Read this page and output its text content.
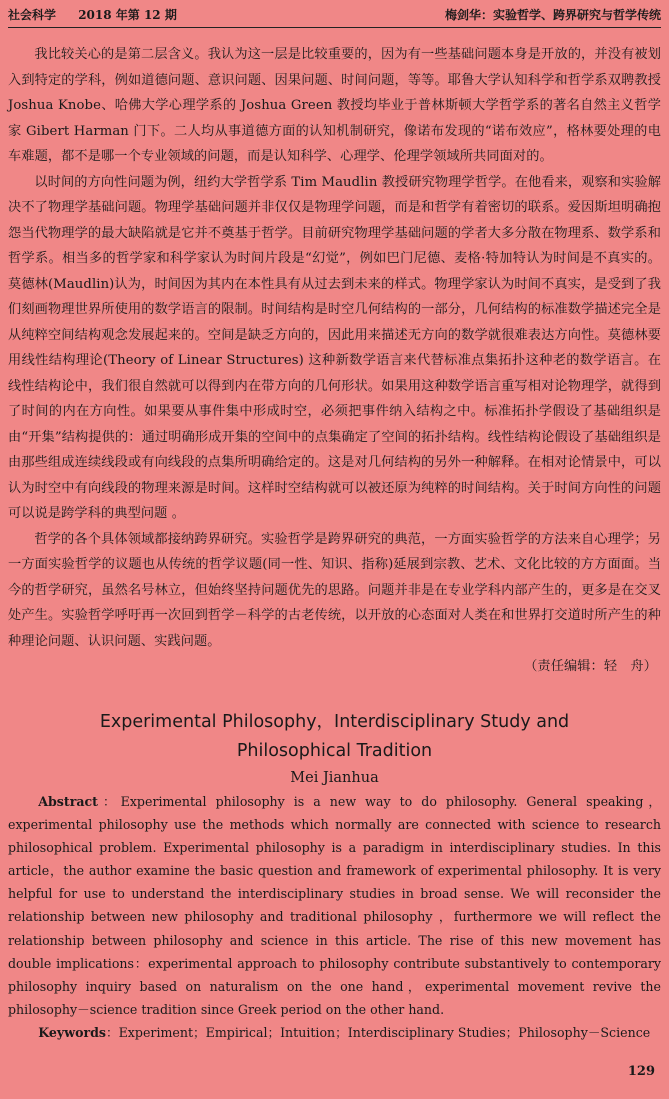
社会科学 2018 年第 12 期	梅剑华：实验哲学、跨界研究与哲学传统

我比较关心的是第二层含义。我认为这一层是比较重要的，因为有一些基础问题本身是开放的，并没有被划入到特定的学科，例如道德问题、意识问题、因果问题、时间问题，等等。耶鲁大学认知科学和哲学系双聘教授 Joshua Knobe、哈佛大学心理学系的 Joshua Green 教授均毕业于普林斯顿大学哲学系的著名自然主义哲学家 Gibert Harman 门下。二人均从事道德方面的认知机制研究，像诺布发现的“诺布效应”，格林要处理的电车难题，都不是哪一个专业领域的问题，而是认知科学、心理学、伦理学领域所共同面对的。

以时间的方向性问题为例，纽约大学哲学系 Tim Maudlin 教授研究物理学哲学。在他看来，观察和实验解决不了物理学基础问题。物理学基础问题并非仅仅是物理学问题，而是和哲学有着密切的联系。爱因斯坦明确抱怨当代物理学的最大缺陷就是它并不奠基于哲学。目前研究物理学基础问题的学者大多分散在物理系、数学系和哲学系。相当多的哲学家和科学家认为时间片段是“幻觉”，例如巴门尼德、麦格·特加特认为时间是不真实的。莫德林(Maudlin)认为，时间因为其内在本性具有从过去到未来的样式。物理学家认为时间不真实，是受到了我们刻画物理世界所使用的数学语言的限制。时间结构是时空几何结构的一部分，几何结构的标准数学描述完全是从纯粹空间结构观念发展起来的。空间是缺乏方向的，因此用来描述无方向的数学就很难表达方向性。莫德林要用线性结构理论(Theory of Linear Structures) 这种新数学语言来代替标准点集拓扑这种老的数学语言。在线性结构论中，我们很自然就可以得到内在带方向的几何形状。如果用这种数学语言重写相对论物理学，就得到了时间的内在方向性。如果要从事件集中形成时空，必须把事件纳入结构之中。标准拓扑学假设了基础组织是由“开集”结构提供的：通过明确形成开集的空间中的点集确定了空间的拓扑结构。线性结构论假设了基础组织是由那些组成连续线段或有向线段的点集所明确给定的。这是对几何结构的另外一种解释。在相对论情景中，可以认为时空中有向线段的物理来源是时间。这样时空结构就可以被还原为纯粹的时间结构。关于时间方向性的问题可以说是跨学科的典型问题 。

哲学的各个具体领域都接纳跨界研究。实验哲学是跨界研究的典范，一方面实验哲学的方法来自心理学；另一方面实验哲学的议题也从传统的哲学议题(同一性、知识、指称)延展到宗教、艺术、文化比较的方方面面。当今的哲学研究，虽然名号林立，但始终坚持问题优先的思路。问题并非是在专业学科内部产生的，更多是在交叉处产生。实验哲学呼吁再一次回到哲学－科学的古老传统，以开放的心态面对人类在和世界打交道时所产生的种种理论问题、认识问题、实践问题。

（责任编辑：轻　舟）
Experimental Philosophy，Interdisciplinary Study and
Philosophical Tradition
Mei Jianhua

Abstract：Experimental philosophy is a new way to do philosophy. General speaking，experimental philosophy use the methods which normally are connected with science to research philosophical problem. Experimental philosophy is a paradigm in interdisciplinary studies. In this article，the author examine the basic question and framework of experimental philosophy. It is very helpful for use to understand the interdisciplinary studies in broad sense. We will reconsider the relationship between new philosophy and traditional philosophy ，furthermore we will reflect the relationship between philosophy and science in this article. The rise of this new movement has double implications：experimental approach to philosophy contribute substantively to contemporary philosophy inquiry based on naturalism on the one hand，experimental movement revive the philosophy－science tradition since Greek period on the other hand.

Keywords：Experiment；Empirical；Intuition；Interdisciplinary Studies；Philosophy－Science

129
